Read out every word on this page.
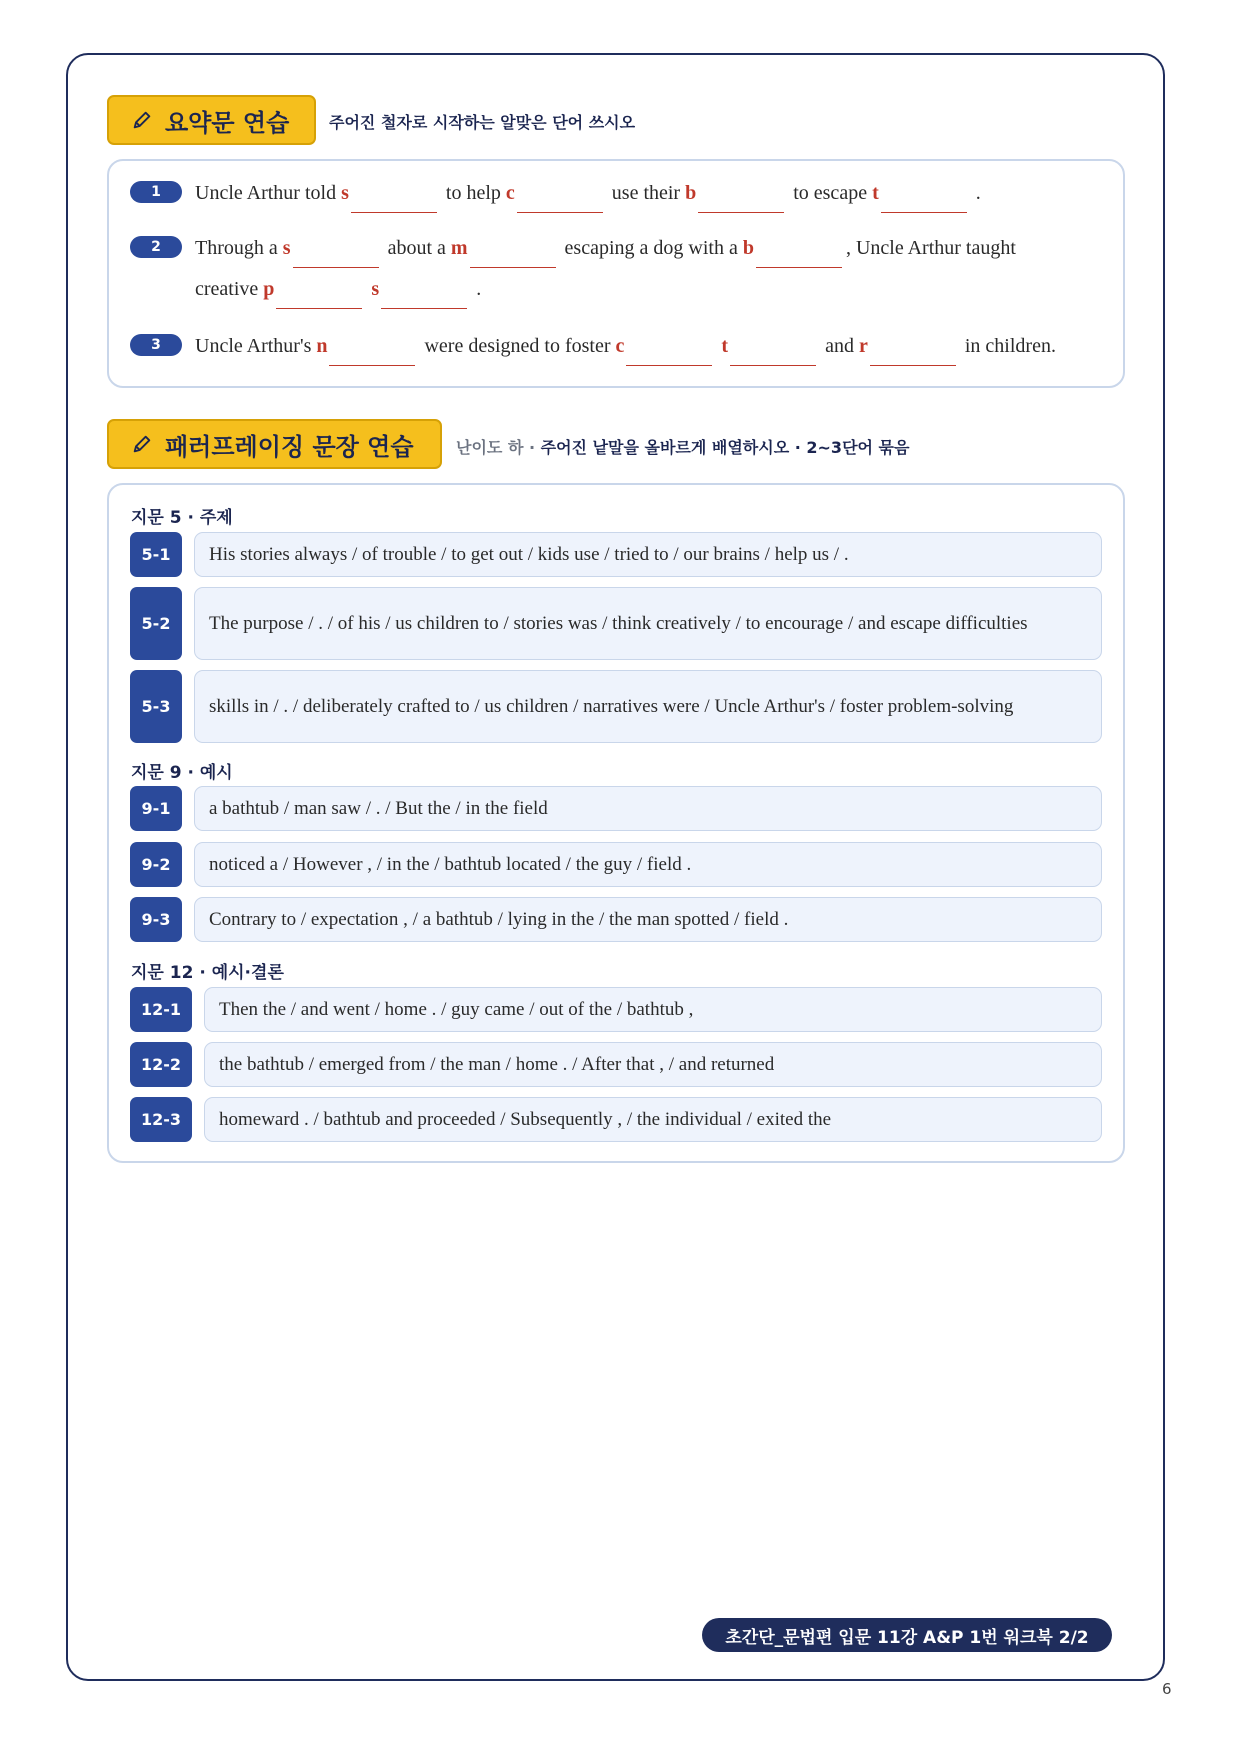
요약문 연습 주어진 철자로 시작하는 알맞은 단어 쓰시오
1	Uncle Arthur told s	to help c	use their b	to escape t	.
2	Through a s	about a m	escaping a dog with a b	, Uncle Arthur taught
creative p	s	.
3	Uncle Arthur's n	were designed to foster c	t	and r	in children.
패러프레이징 문장 연습	난이도 하 · 주어진 낱말을 올바르게 배열하시오 · 2~3단어 묶음
지문 5 · 주제
5-1	His stories always / of trouble / to get out / kids use / tried to / our brains / help us / .
5-2	The purpose / . / of his / us children to / stories was / think creatively / to encourage / and escape difficulties
5-3	skills in / . / deliberately crafted to / us children / narratives were / Uncle Arthur's / foster problem-solving
지문 9 · 예시
9-1	a bathtub / man saw / . / But the / in the field
9-2	noticed a / However , / in the / bathtub located / the guy / field .
9-3	Contrary to / expectation , / a bathtub / lying in the / the man spotted / field .
지문 12 · 예시·결론
12-1	Then the / and went / home . / guy came / out of the / bathtub ,
12-2	the bathtub / emerged from / the man / home . / After that , / and returned
12-3	homeward . / bathtub and proceeded / Subsequently , / the individual / exited the
초간단_문법편 입문 11강 A&P 1번 워크북 2/2
6
